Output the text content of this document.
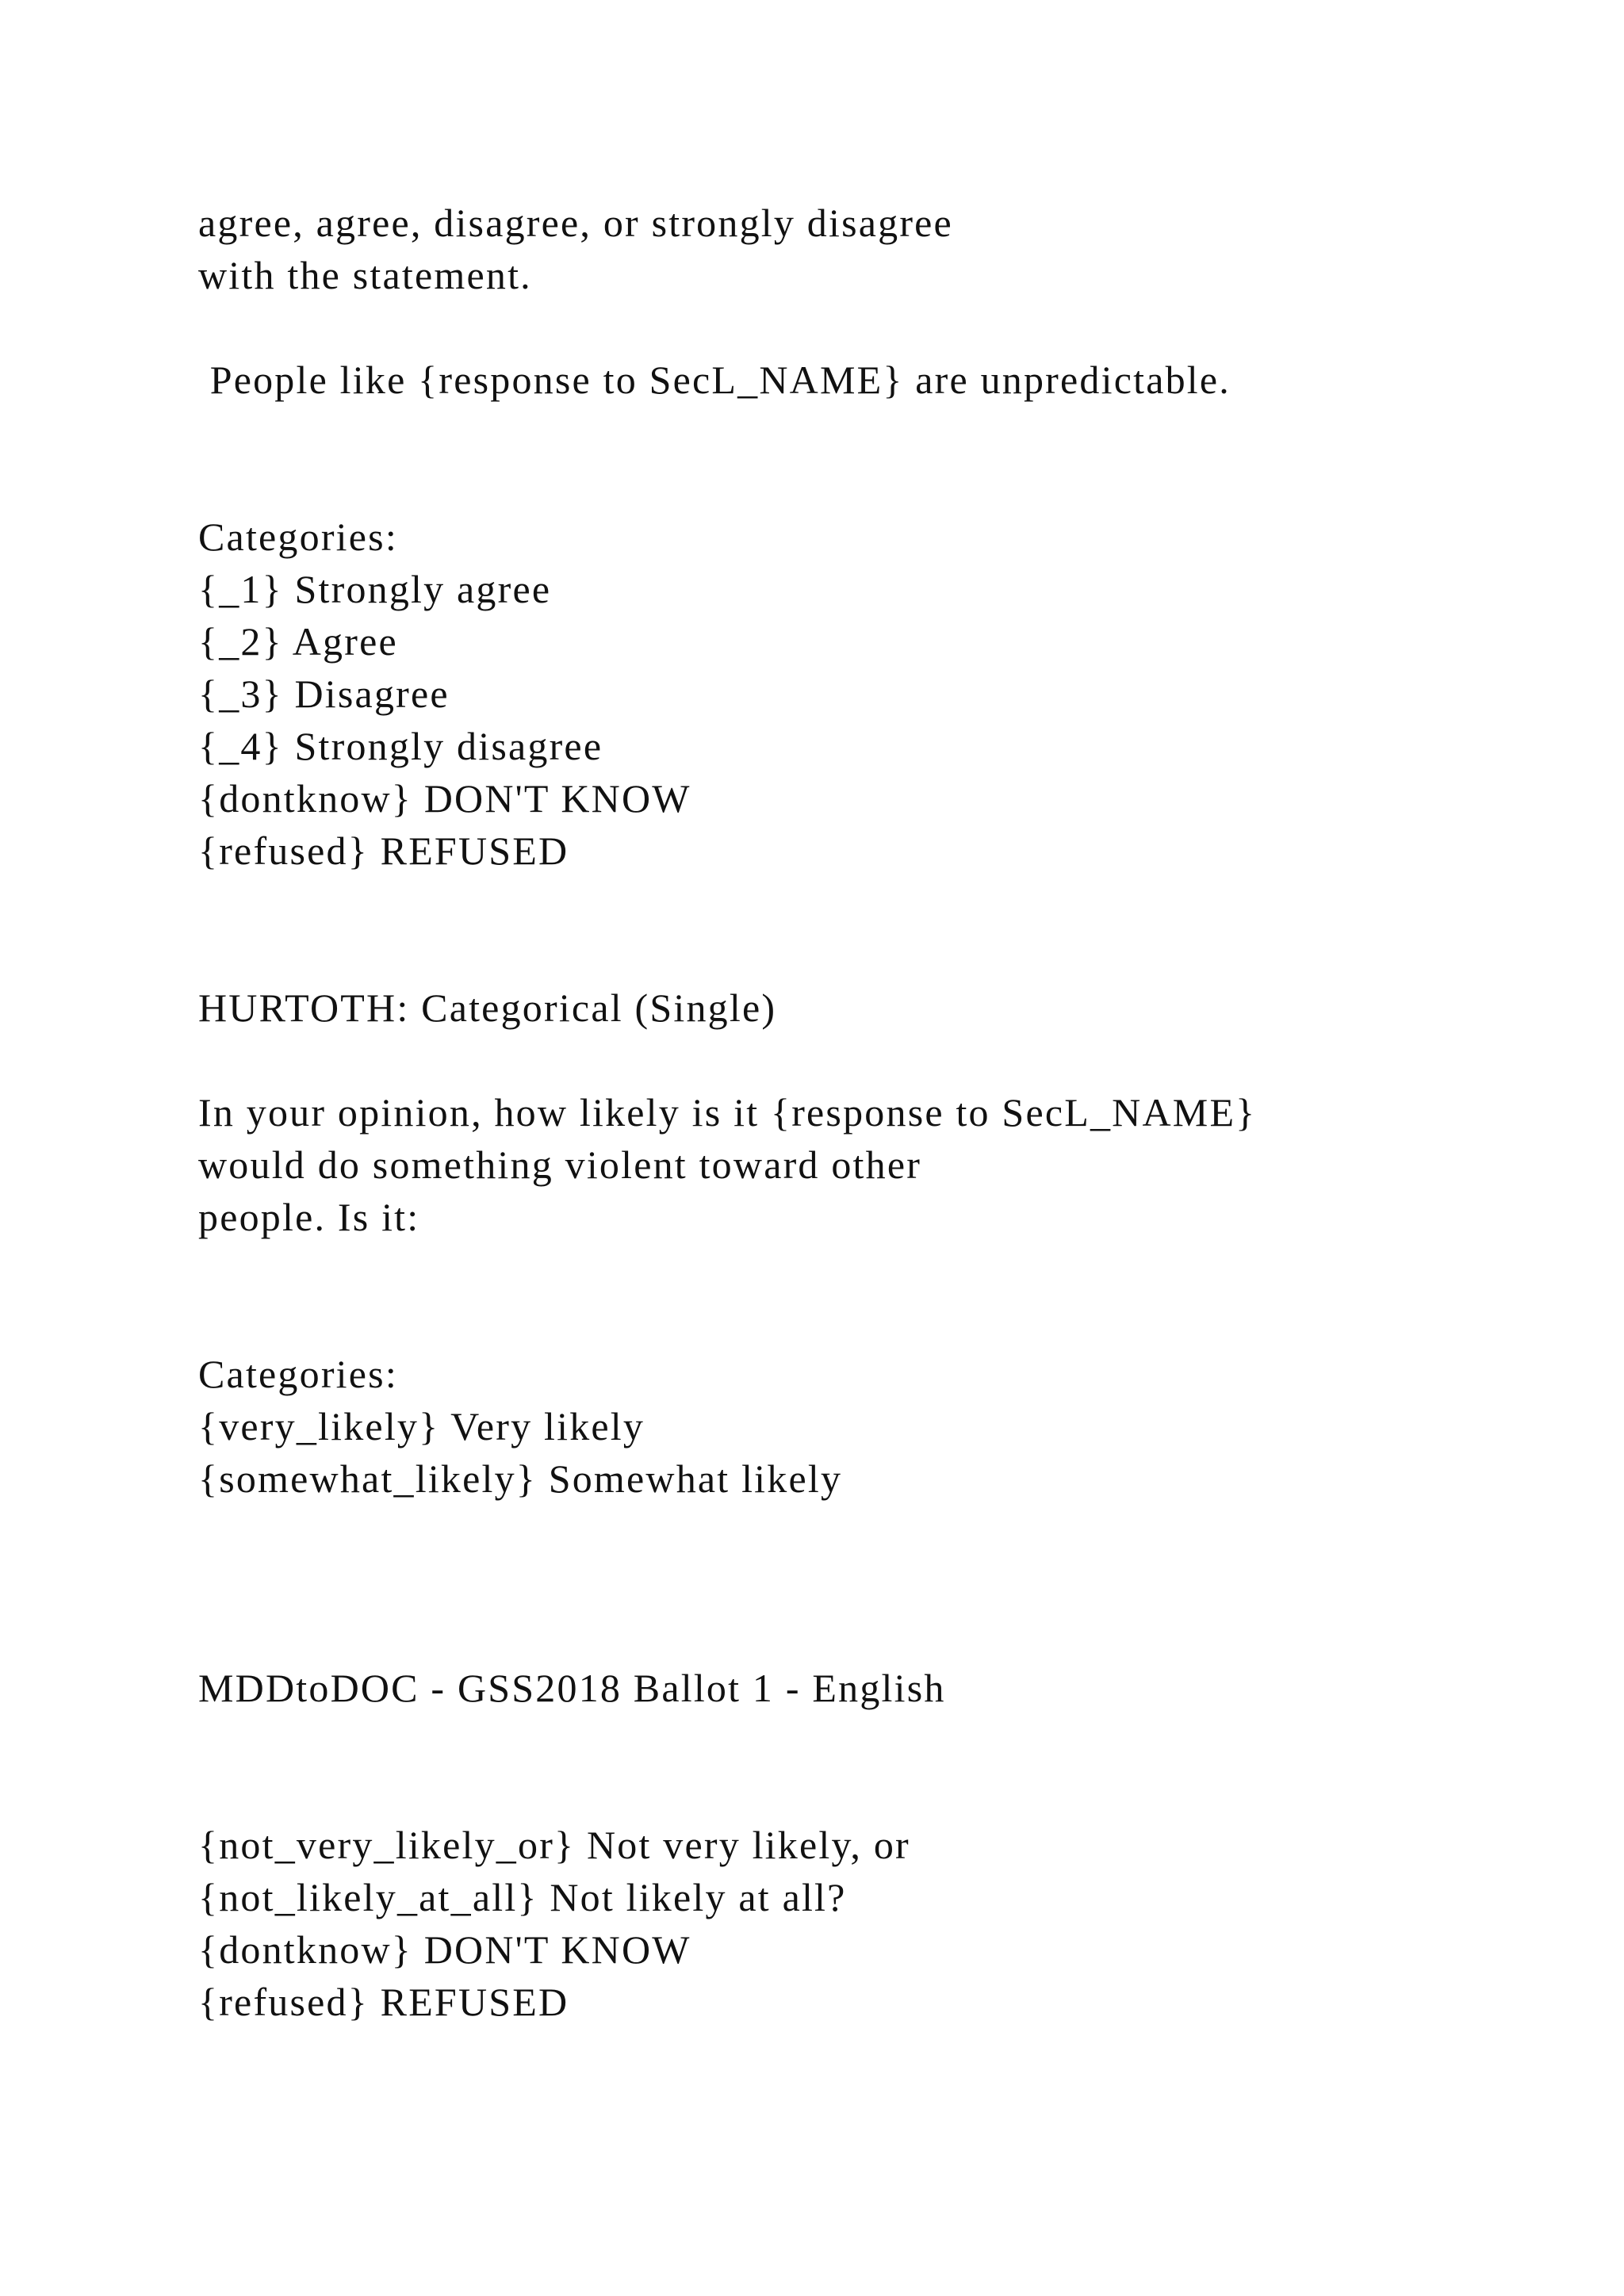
agree, agree, disagree, or strongly disagree

with the statement.

People like {response to SecL_NAME} are unpredictable.

Categories:

{_1} Strongly agree

{_2} Agree

{_3} Disagree

{_4} Strongly disagree

{dontknow} DON'T KNOW

{refused} REFUSED

HURTOTH: Categorical (Single)

In your opinion, how likely is it {response to SecL_NAME}

would do something violent toward other

people. Is it:

Categories:

{very_likely} Very likely

{somewhat_likely} Somewhat likely

MDDtoDOC - GSS2018 Ballot 1 - English

{not_very_likely_or} Not very likely, or

{not_likely_at_all} Not likely at all?

{dontknow} DON'T KNOW

{refused} REFUSED
